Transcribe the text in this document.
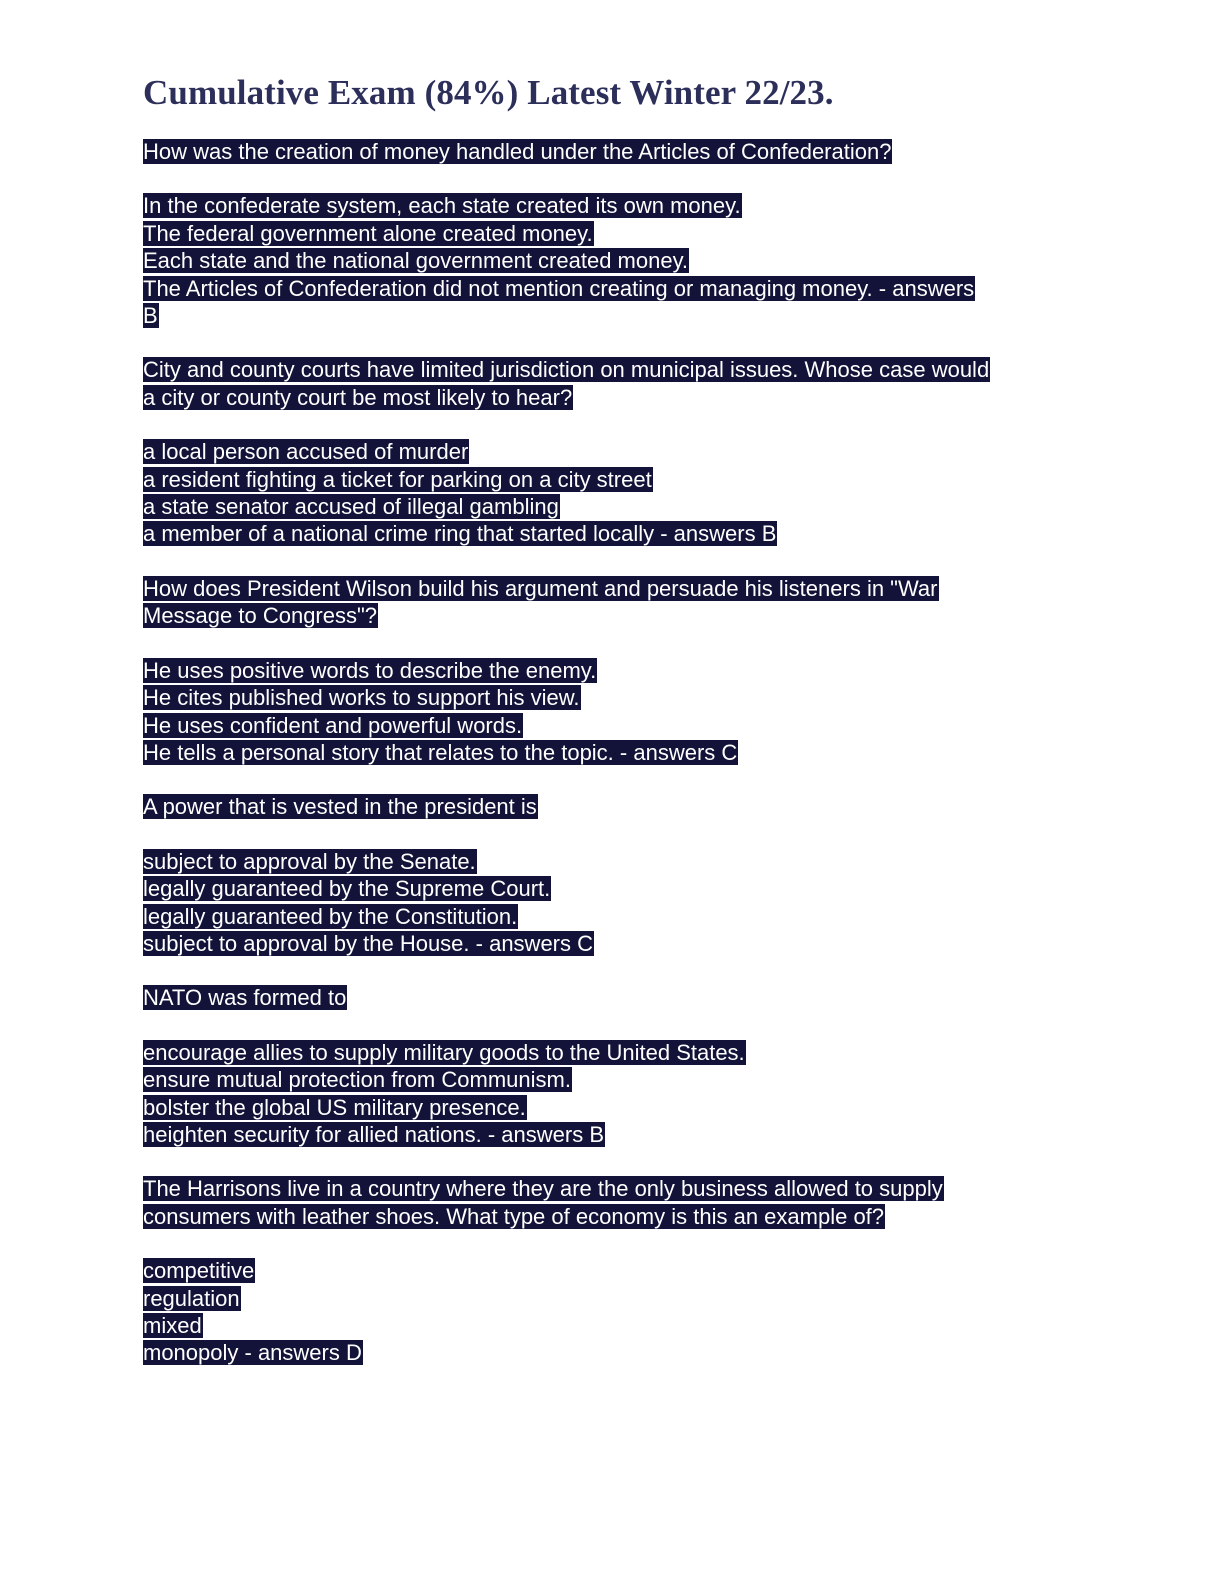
Cumulative Exam (84%) Latest Winter 22/23.
How was the creation of money handled under the Articles of Confederation?
In the confederate system, each state created its own money.
The federal government alone created money.
Each state and the national government created money.
The Articles of Confederation did not mention creating or managing money. - answers
B
City and county courts have limited jurisdiction on municipal issues. Whose case would
a city or county court be most likely to hear?
a local person accused of murder
a resident fighting a ticket for parking on a city street
a state senator accused of illegal gambling
a member of a national crime ring that started locally - answers B
How does President Wilson build his argument and persuade his listeners in "War
Message to Congress"?
He uses positive words to describe the enemy.
He cites published works to support his view.
He uses confident and powerful words.
He tells a personal story that relates to the topic. - answers C
A power that is vested in the president is
subject to approval by the Senate.
legally guaranteed by the Supreme Court.
legally guaranteed by the Constitution.
subject to approval by the House. - answers C
NATO was formed to
encourage allies to supply military goods to the United States.
ensure mutual protection from Communism.
bolster the global US military presence.
heighten security for allied nations. - answers B
The Harrisons live in a country where they are the only business allowed to supply
consumers with leather shoes. What type of economy is this an example of?
competitive
regulation
mixed
monopoly - answers D
